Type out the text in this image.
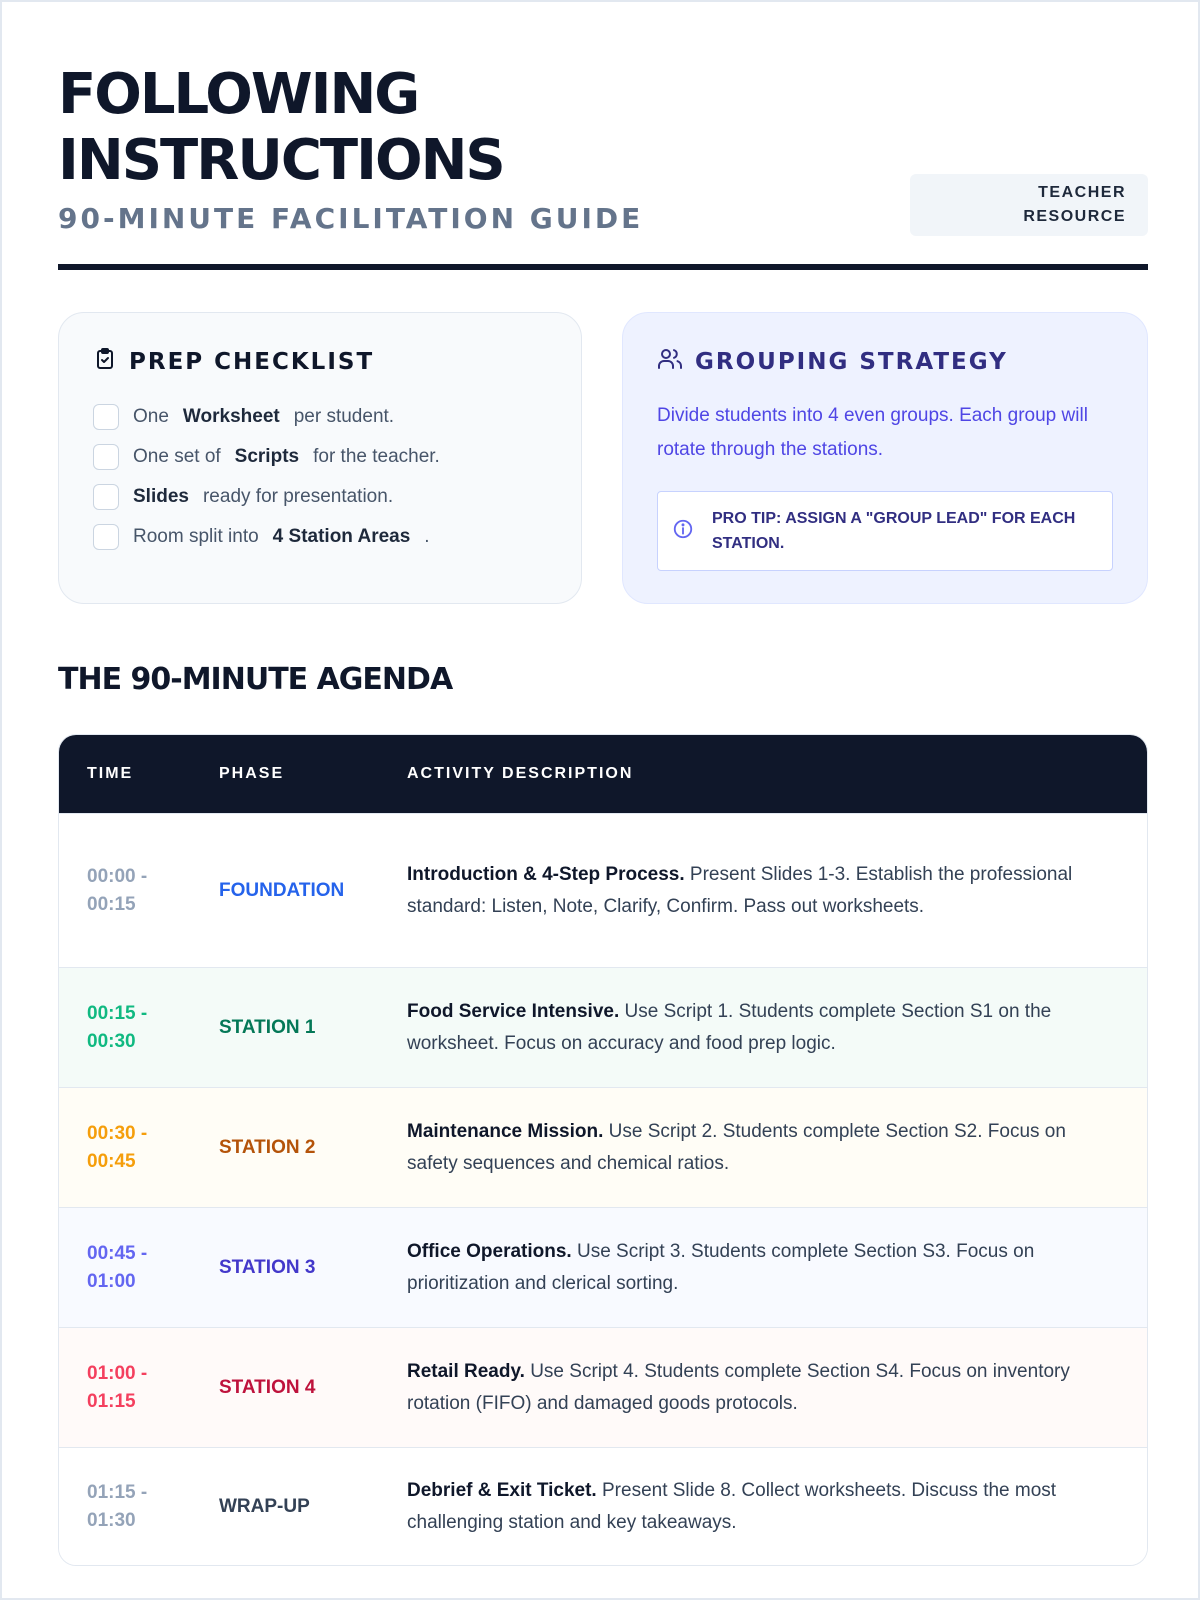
FOLLOWING
INSTRUCTIONS
90-MINUTE FACILITATION GUIDE
TEACHER
RESOURCE
PREP CHECKLIST
One Worksheet per student.
One set of Scripts for the teacher.
Slides ready for presentation.
Room split into 4 Station Areas .
GROUPING STRATEGY

Divide students into 4 even groups. Each group will rotate through the stations.

PRO TIP: ASSIGN A "GROUP LEAD" FOR EACH STATION.
THE 90-MINUTE AGENDA
TIME	PHASE	ACTIVITY DESCRIPTION
00:00 -
00:15
FOUNDATION
Introduction & 4-Step Process. Present Slides 1-3. Establish the professional standard: Listen, Note, Clarify, Confirm. Pass out worksheets.
00:15 -
00:30
STATION 1
Food Service Intensive. Use Script 1. Students complete Section S1 on the worksheet. Focus on accuracy and food prep logic.
00:30 -
00:45
STATION 2
Maintenance Mission. Use Script 2. Students complete Section S2. Focus on safety sequences and chemical ratios.
00:45 -
01:00
STATION 3
Office Operations. Use Script 3. Students complete Section S3. Focus on prioritization and clerical sorting.
01:00 -
01:15
STATION 4
Retail Ready. Use Script 4. Students complete Section S4. Focus on inventory rotation (FIFO) and damaged goods protocols.
01:15 -
01:30
WRAP-UP
Debrief & Exit Ticket. Present Slide 8. Collect worksheets. Discuss the most challenging station and key takeaways.
